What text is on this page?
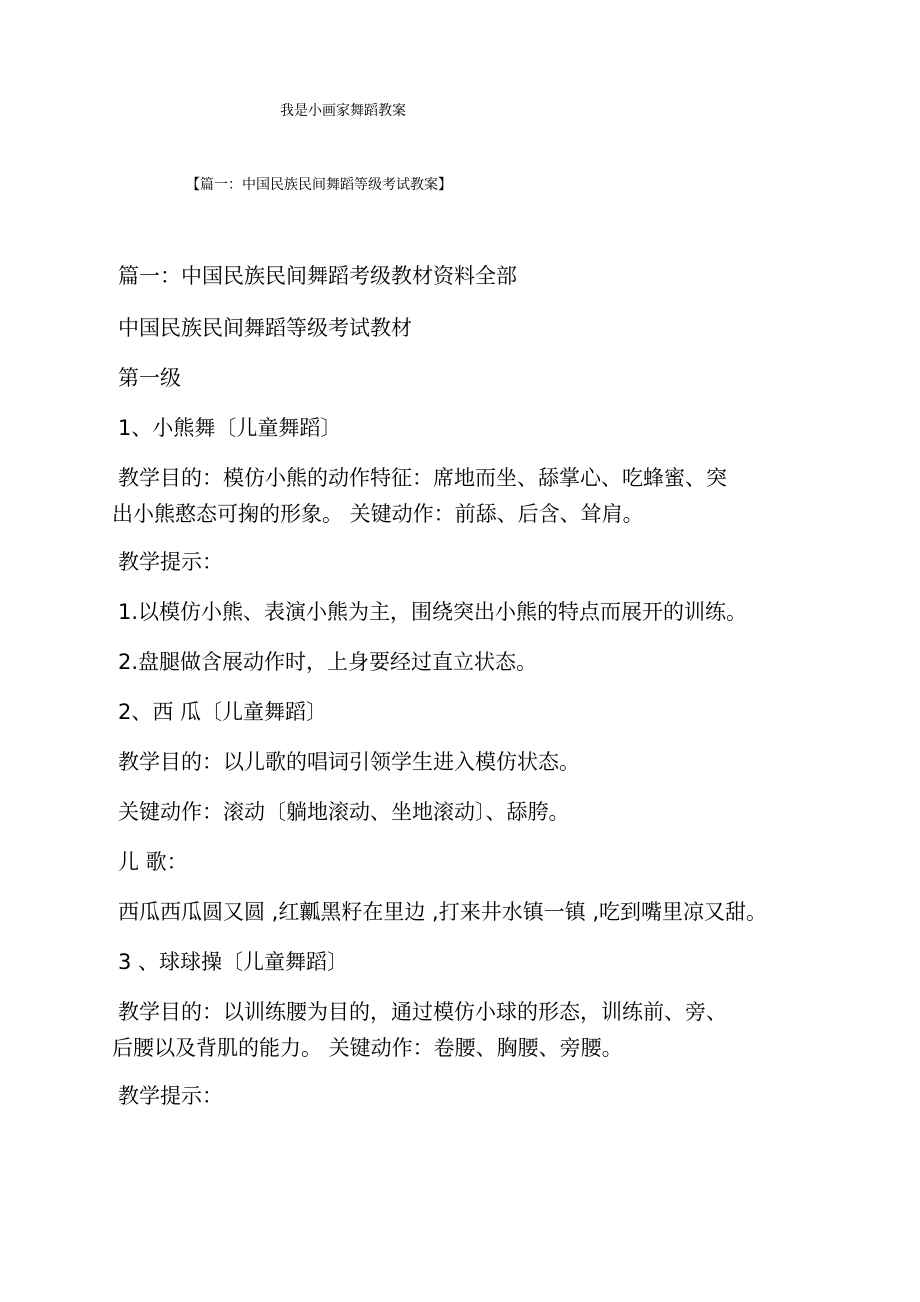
我是小画家舞蹈教案
【篇一：中国民族民间舞蹈等级考试教案】
篇一：中国民族民间舞蹈考级教材资料全部
中国民族民间舞蹈等级考试教材
第一级
1、小熊舞〔儿童舞蹈〕
教学目的：模仿小熊的动作特征：席地而坐、舔掌心、吃蜂蜜、突
出小熊憨态可掬的形象。 关键动作：前舔、后含、耸肩。
教学提示：
1.以模仿小熊、表演小熊为主，围绕突出小熊的特点而展开的训练。
2.盘腿做含展动作时，上身要经过直立状态。
2、西 瓜〔儿童舞蹈〕
教学目的：以儿歌的唱词引领学生进入模仿状态。
关键动作：滚动〔躺地滚动、坐地滚动〕、舔胯。
儿 歌：
西瓜西瓜圆又圆 ,红瓤黑籽在里边 ,打来井水镇一镇 ,吃到嘴里凉又甜。
3 、球球操〔儿童舞蹈〕
教学目的：以训练腰为目的，通过模仿小球的形态，训练前、旁、
后腰以及背肌的能力。 关键动作：卷腰、胸腰、旁腰。
教学提示：
